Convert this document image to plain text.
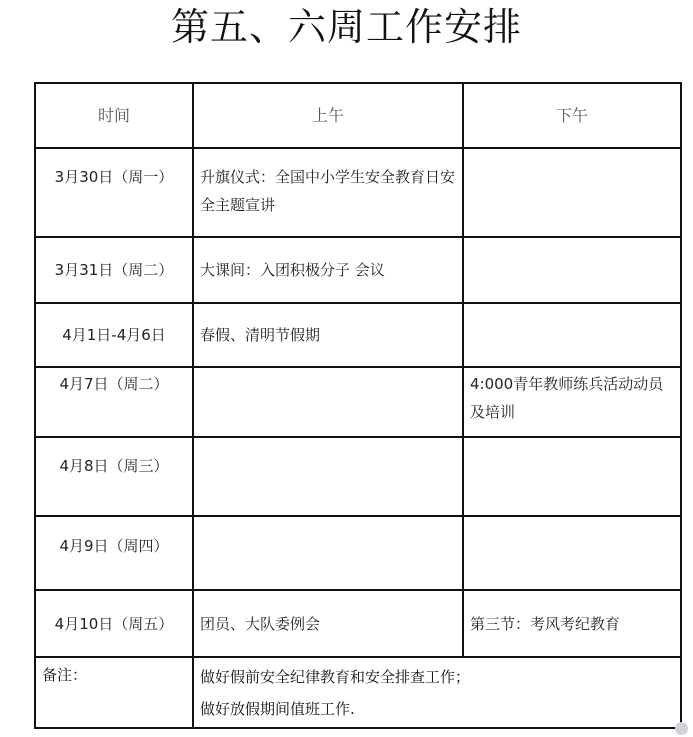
第五、六周工作安排
时间	上午	下午
3月30日（周一）	升旗仪式：全国中小学生安全教育日安全主题宣讲	
3月31日（周二）	大课间：入团积极分子 会议	
4月1日-4月6日	春假、清明节假期	
4月7日（周二）		4:000青年教师练兵活动动员及培训
4月8日（周三）		
4月9日（周四）		
4月10日（周五）	团员、大队委例会	第三节：考风考纪教育
备注：	做好假前安全纪律教育和安全排查工作；
做好放假期间值班工作.	
